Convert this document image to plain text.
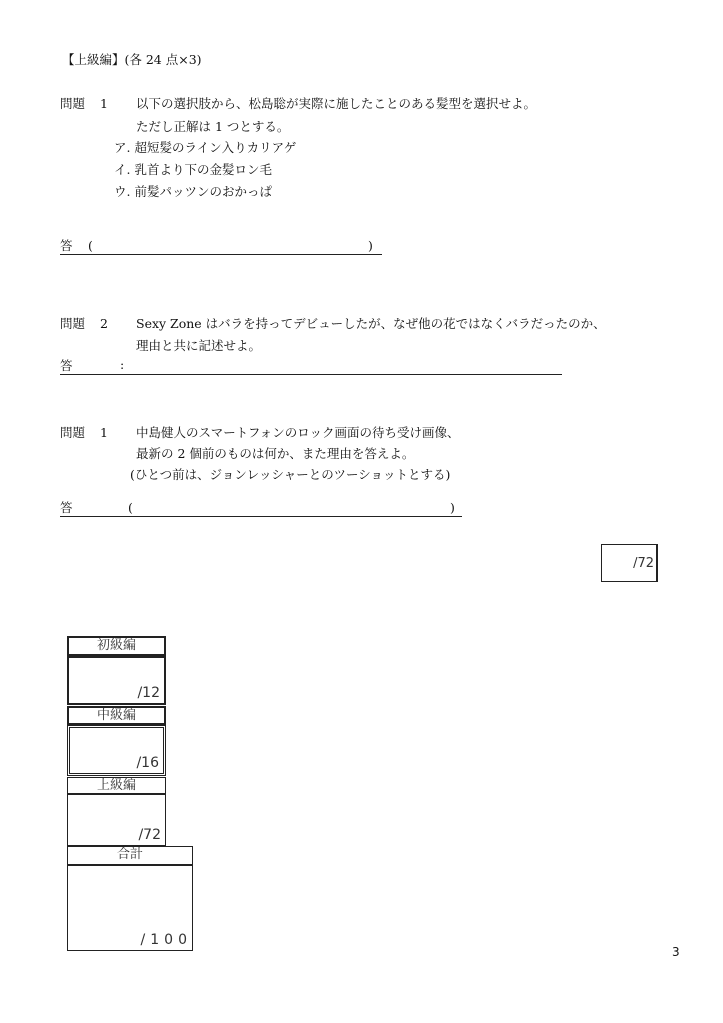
【上級編】(各 24 点×3)
問題 1 以下の選択肢から、松島聡が実際に施したことのある髪型を選択せよ。
ただし正解は 1 つとする。
ア. 超短髪のライン入りカリアゲ
イ. 乳首より下の金髪ロン毛
ウ. 前髪パッツンのおかっぱ
答 (	)
問題 2 Sexy Zone はバラを持ってデビューしたが、なぜ他の花ではなくバラだったのか、
理由と共に記述せよ。
答	:
問題 1 中島健人のスマートフォンのロック画面の待ち受け画像、
最新の 2 個前のものは何か、また理由を答えよ。
(ひとつ前は、ジョンレッシャーとのツーショットとする)
答	(	)
/72
初級編
/12
中級編
/16
上級編
/72
合計
/100
3
